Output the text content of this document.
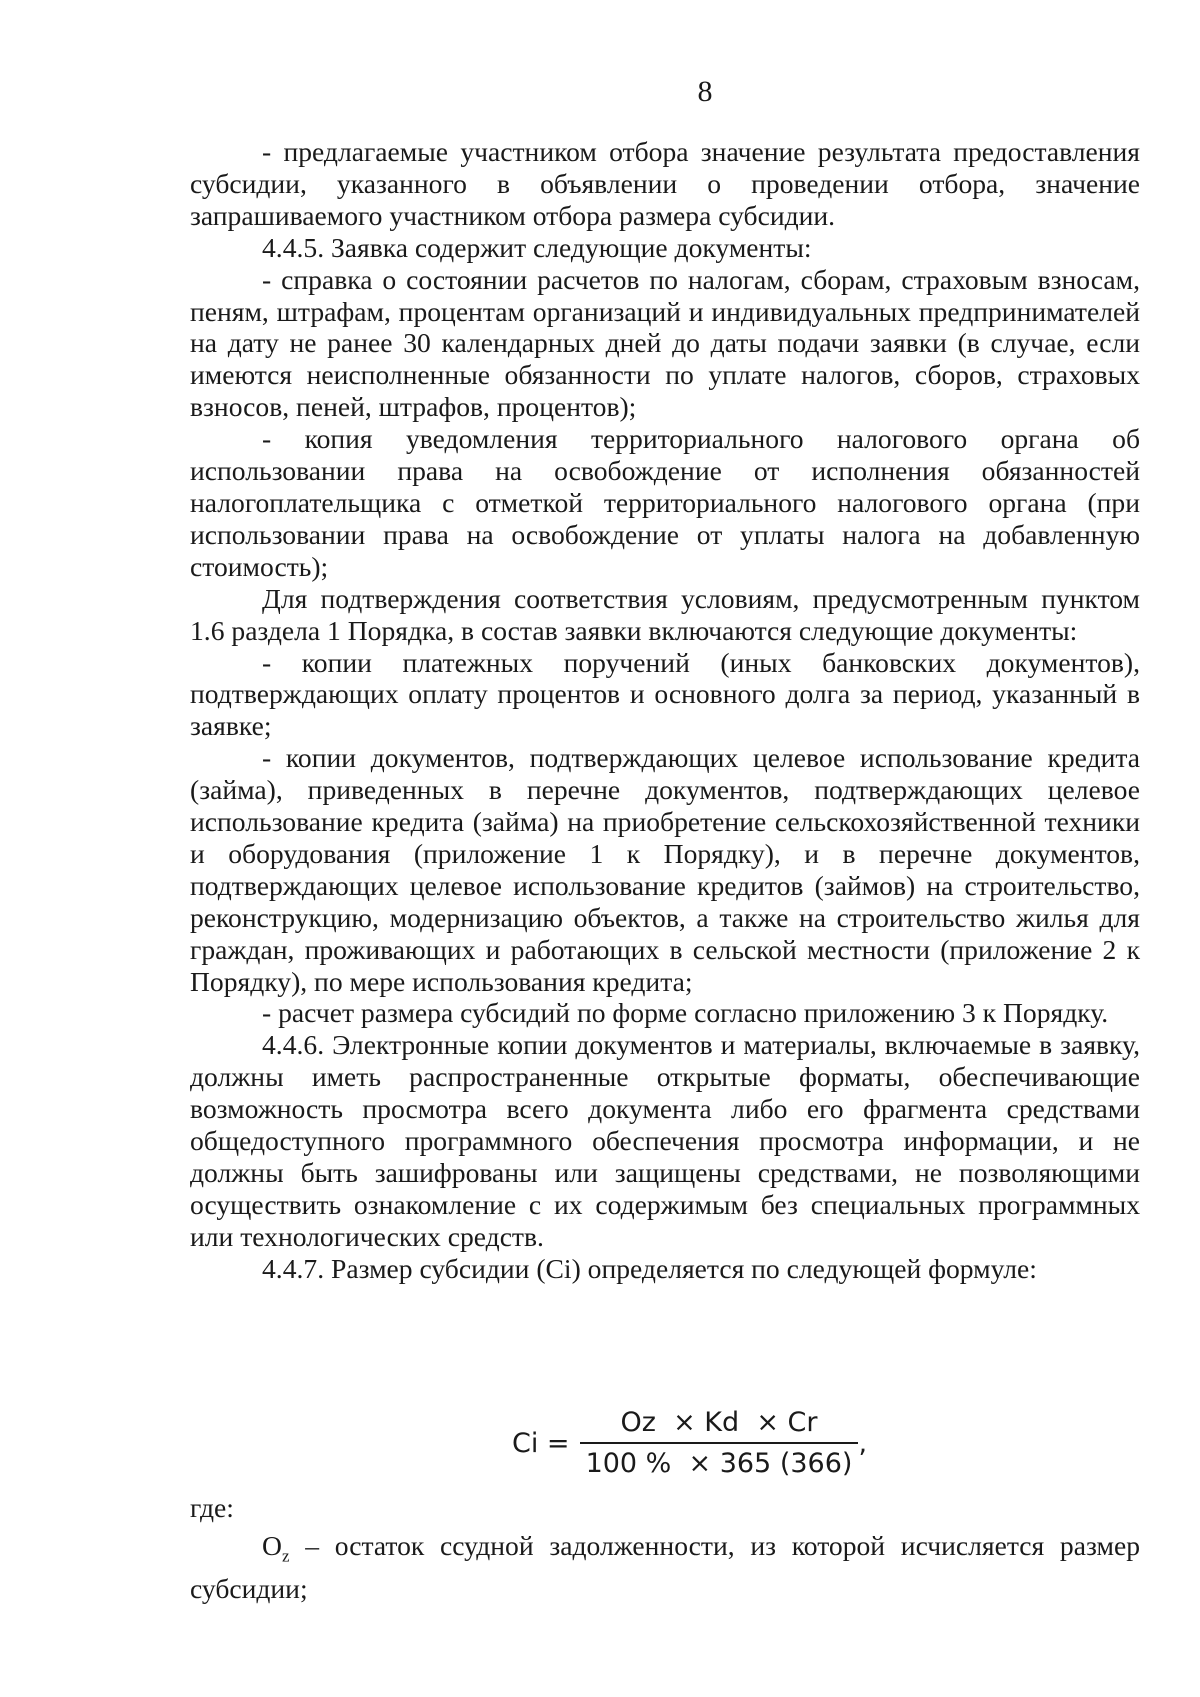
8

- предлагаемые участником отбора значение результата предоставления субсидии, указанного в объявлении о проведении отбора, значение запрашиваемого участником отбора размера субсидии.

4.4.5. Заявка содержит следующие документы:

- справка о состоянии расчетов по налогам, сборам, страховым взносам, пеням, штрафам, процентам организаций и индивидуальных предпринимателей на дату не ранее 30 календарных дней до даты подачи заявки (в случае, если имеются неисполненные обязанности по уплате налогов, сборов, страховых взносов, пеней, штрафов, процентов);

- копия уведомления территориального налогового органа об использовании права на освобождение от исполнения обязанностей налогоплательщика с отметкой территориального налогового органа (при использовании права на освобождение от уплаты налога на добавленную стоимость);

Для подтверждения соответствия условиям, предусмотренным пунктом 1.6 раздела 1 Порядка, в состав заявки включаются следующие документы:

- копии платежных поручений (иных банковских документов), подтверждающих оплату процентов и основного долга за период, указанный в заявке;

- копии документов, подтверждающих целевое использование кредита (займа), приведенных в перечне документов, подтверждающих целевое использование кредита (займа) на приобретение сельскохозяйственной техники и оборудования (приложение 1 к Порядку), и в перечне документов, подтверждающих целевое использование кредитов (займов) на строительство, реконструкцию, модернизацию объектов, а также на строительство жилья для граждан, проживающих и работающих в сельской местности (приложение 2 к Порядку), по мере использования кредита;

- расчет размера субсидий по форме согласно приложению 3 к Порядку.

4.4.6. Электронные копии документов и материалы, включаемые в заявку, должны иметь распространенные открытые форматы, обеспечивающие возможность просмотра всего документа либо его фрагмента средствами общедоступного программного обеспечения просмотра информации, и не должны быть зашифрованы или защищены средствами, не позволяющими осуществить ознакомление с их содержимым без специальных программных или технологических средств.

4.4.7. Размер субсидии (Ci) определяется по следующей формуле:

$Ci = \frac{Oz \times Kd \times Cr}{100 \% \times 365 (366)}$ ,

где:

$O_z$ – остаток ссудной задолженности, из которой исчисляется размер субсидии;
